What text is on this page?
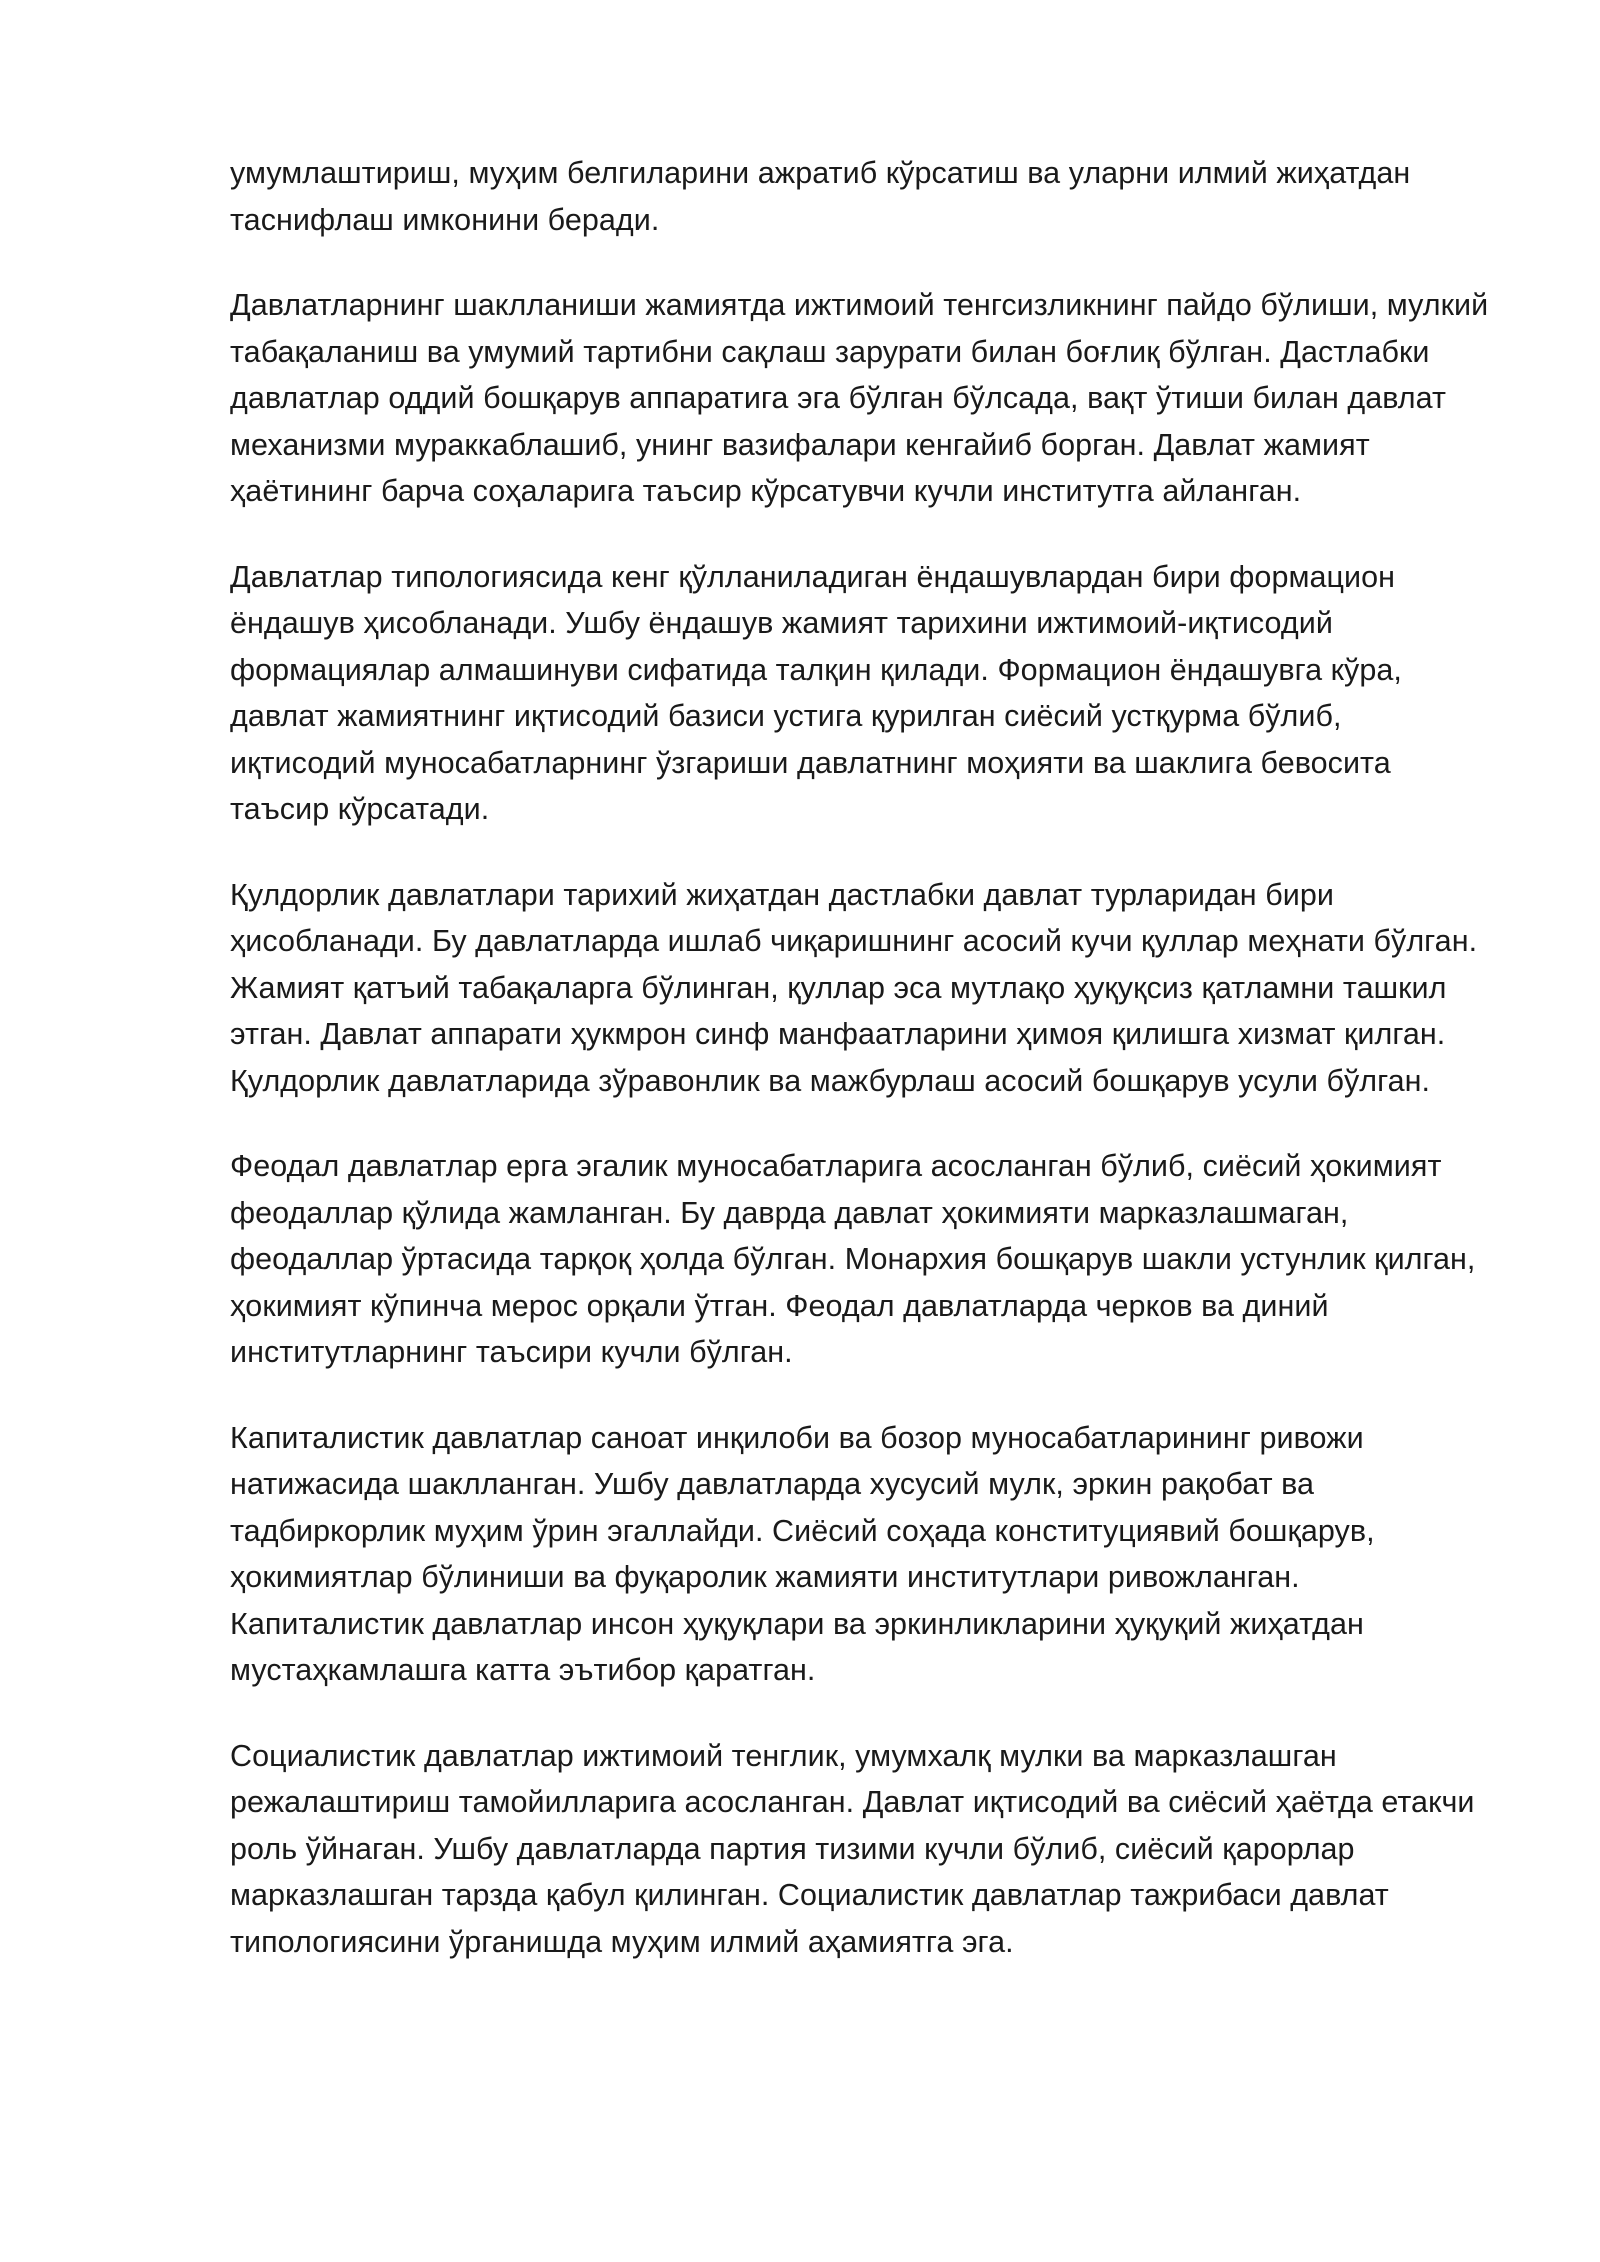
умумлаштириш, муҳим белгиларини ажратиб кўрсатиш ва уларни илмий жиҳатдан таснифлаш имконини беради.

Давлатларнинг шаклланиши жамиятда ижтимоий тенгсизликнинг пайдо бўлиши, мулкий табақаланиш ва умумий тартибни сақлаш зарурати билан боғлиқ бўлган. Дастлабки давлатлар оддий бошқарув аппаратига эга бўлган бўлсада, вақт ўтиши билан давлат механизми мураккаблашиб, унинг вазифалари кенгайиб борган. Давлат жамият ҳаётининг барча соҳаларига таъсир кўрсатувчи кучли институтга айланган.

Давлатлар типологиясида кенг қўлланиладиган ёндашувлардан бири формацион ёндашув ҳисобланади. Ушбу ёндашув жамият тарихини ижтимоий-иқтисодий формациялар алмашинуви сифатида талқин қилади. Формацион ёндашувга кўра, давлат жамиятнинг иқтисодий базиси устига қурилган сиёсий устқурма бўлиб, иқтисодий муносабатларнинг ўзгариши давлатнинг моҳияти ва шаклига бевосита таъсир кўрсатади.

Қулдорлик давлатлари тарихий жиҳатдан дастлабки давлат турларидан бири ҳисобланади. Бу давлатларда ишлаб чиқаришнинг асосий кучи қуллар меҳнати бўлган. Жамият қатъий табақаларга бўлинган, қуллар эса мутлақо ҳуқуқсиз қатламни ташкил этган. Давлат аппарати ҳукмрон синф манфаатларини ҳимоя қилишга хизмат қилган. Қулдорлик давлатларида зўравонлик ва мажбурлаш асосий бошқарув усули бўлган.

Феодал давлатлар ерга эгалик муносабатларига асосланган бўлиб, сиёсий ҳокимият феодаллар қўлида жамланган. Бу даврда давлат ҳокимияти марказлашмаган, феодаллар ўртасида тарқоқ ҳолда бўлган. Монархия бошқарув шакли устунлик қилган, ҳокимият кўпинча мерос орқали ўтган. Феодал давлатларда черков ва диний институтларнинг таъсири кучли бўлган.

Капиталистик давлатлар саноат инқилоби ва бозор муносабатларининг ривожи натижасида шаклланган. Ушбу давлатларда хусусий мулк, эркин рақобат ва тадбиркорлик муҳим ўрин эгаллайди. Сиёсий соҳада конституциявий бошқарув, ҳокимиятлар бўлиниши ва фуқаролик жамияти институтлари ривожланган. Капиталистик давлатлар инсон ҳуқуқлари ва эркинликларини ҳуқуқий жиҳатдан мустаҳкамлашга катта эътибор қаратган.

Социалистик давлатлар ижтимоий тенглик, умумхалқ мулки ва марказлашган режалаштириш тамойилларига асосланган. Давлат иқтисодий ва сиёсий ҳаётда етакчи роль ўйнаган. Ушбу давлатларда партия тизими кучли бўлиб, сиёсий қарорлар марказлашган тарзда қабул қилинган. Социалистик давлатлар тажрибаси давлат типологиясини ўрганишда муҳим илмий аҳамиятга эга.
